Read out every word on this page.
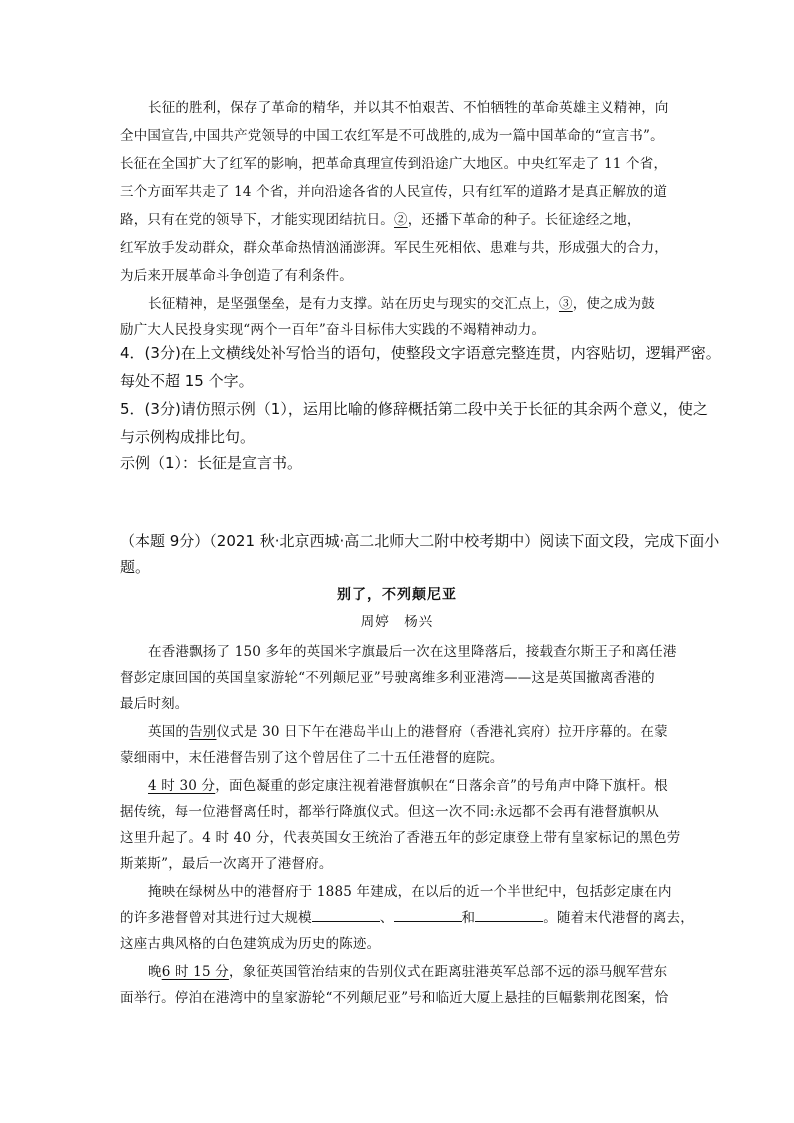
长征的胜利，保存了革命的精华，并以其不怕艰苦、不怕牺牲的革命英雄主义精神，向
全中国宣告,中国共产党领导的中国工农红军是不可战胜的,成为一篇中国革命的“宣言书”。
长征在全国扩大了红军的影响，把革命真理宣传到沿途广大地区。中央红军走了 11 个省，
三个方面军共走了 14 个省，并向沿途各省的人民宣传，只有红军的道路才是真正解放的道
路，只有在党的领导下，才能实现团结抗日。②，还播下革命的种子。长征途经之地，
红军放手发动群众，群众革命热情汹涌澎湃。军民生死相依、患难与共，形成强大的合力，
为后来开展革命斗争创造了有利条件。
长征精神，是坚强堡垒，是有力支撑。站在历史与现实的交汇点上，③，使之成为鼓
励广大人民投身实现“两个一百年”奋斗目标伟大实践的不竭精神动力。
4．(3分)在上文横线处补写恰当的语句，使整段文字语意完整连贯，内容贴切，逻辑严密。
每处不超 15 个字。
5．(3分)请仿照示例（1），运用比喻的修辞概括第二段中关于长征的其余两个意义，使之
与示例构成排比句。
示例（1）：长征是宣言书。
（本题 9分）（2021 秋·北京西城·高二北师大二附中校考期中）阅读下面文段，完成下面小
题。
别了，不列颠尼亚
周婷　杨兴
在香港飘扬了 150 多年的英国米字旗最后一次在这里降落后，接载查尔斯王子和离任港
督彭定康回国的英国皇家游轮“不列颠尼亚”号驶离维多利亚港湾——这是英国撤离香港的
最后时刻。
英国的告别仪式是 30 日下午在港岛半山上的港督府（香港礼宾府）拉开序幕的。在蒙
蒙细雨中，末任港督告别了这个曾居住了二十五任港督的庭院。
4 时 30 分，面色凝重的彭定康注视着港督旗帜在“日落余音”的号角声中降下旗杆。根
据传统，每一位港督离任时，都举行降旗仪式。但这一次不同:永远都不会再有港督旗帜从
这里升起了。4 时 40 分，代表英国女王统治了香港五年的彭定康登上带有皇家标记的黑色劳
斯莱斯”，最后一次离开了港督府。
掩映在绿树丛中的港督府于 1885 年建成，在以后的近一个半世纪中，包括彭定康在内
的许多港督曾对其进行过大规模	、	和	。随着末代港督的离去，
这座古典风格的白色建筑成为历史的陈迹。
晚6 时 15 分，象征英国管治结束的告别仪式在距离驻港英军总部不远的添马舰军营东
面举行。停泊在港湾中的皇家游轮“不列颠尼亚”号和临近大厦上悬挂的巨幅紫荆花图案，恰
